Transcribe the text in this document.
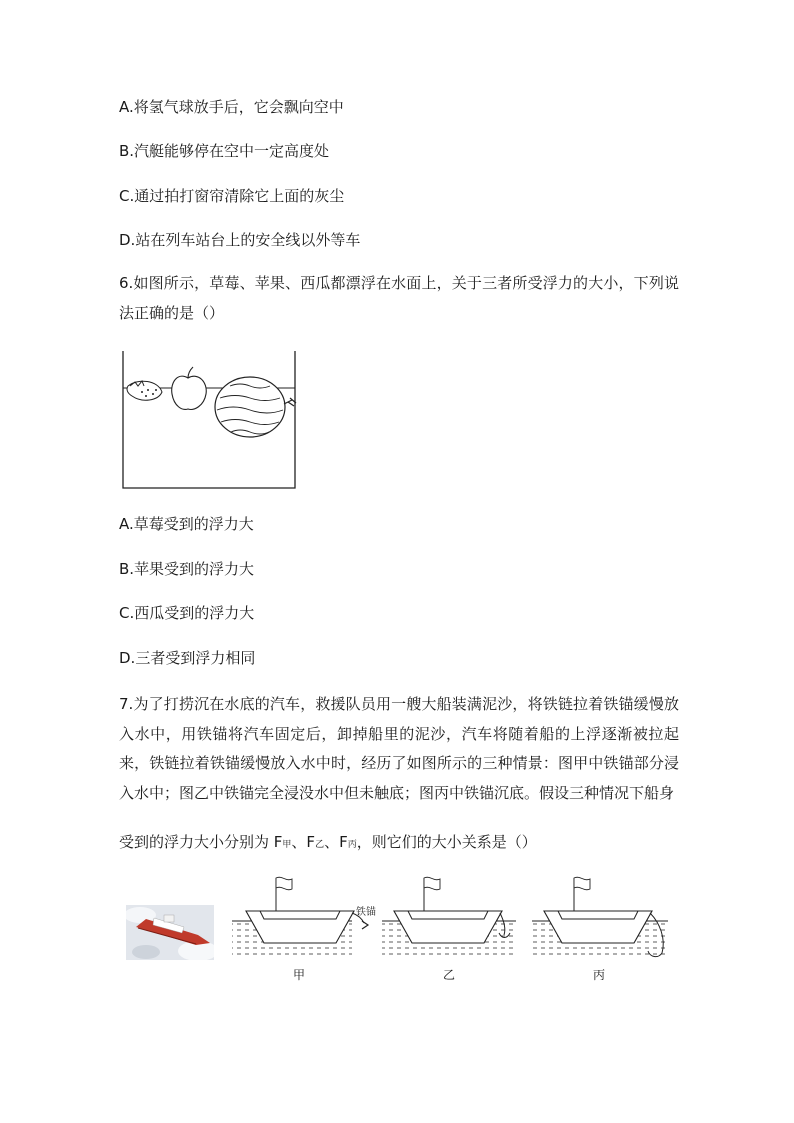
A.将氢气球放手后，它会飘向空中
B.汽艇能够停在空中一定高度处
C.通过拍打窗帘清除它上面的灰尘
D.站在列车站台上的安全线以外等车
6.如图所示，草莓、苹果、西瓜都漂浮在水面上，关于三者所受浮力的大小，下列说法正确的是（）
A.草莓受到的浮力大
B.苹果受到的浮力大
C.西瓜受到的浮力大
D.三者受到浮力相同
7.为了打捞沉在水底的汽车，救援队员用一艘大船装满泥沙，将铁链拉着铁锚缓慢放入水中，用铁锚将汽车固定后，卸掉船里的泥沙，汽车将随着船的上浮逐渐被拉起来，铁链拉着铁锚缓慢放入水中时，经历了如图所示的三种情景：图甲中铁锚部分浸入水中；图乙中铁锚完全浸没水中但未触底；图丙中铁锚沉底。假设三种情况下船身
受到的浮力大小分别为 F甲、F乙、F丙，则它们的大小关系是（）
铁锚
甲	乙	丙
